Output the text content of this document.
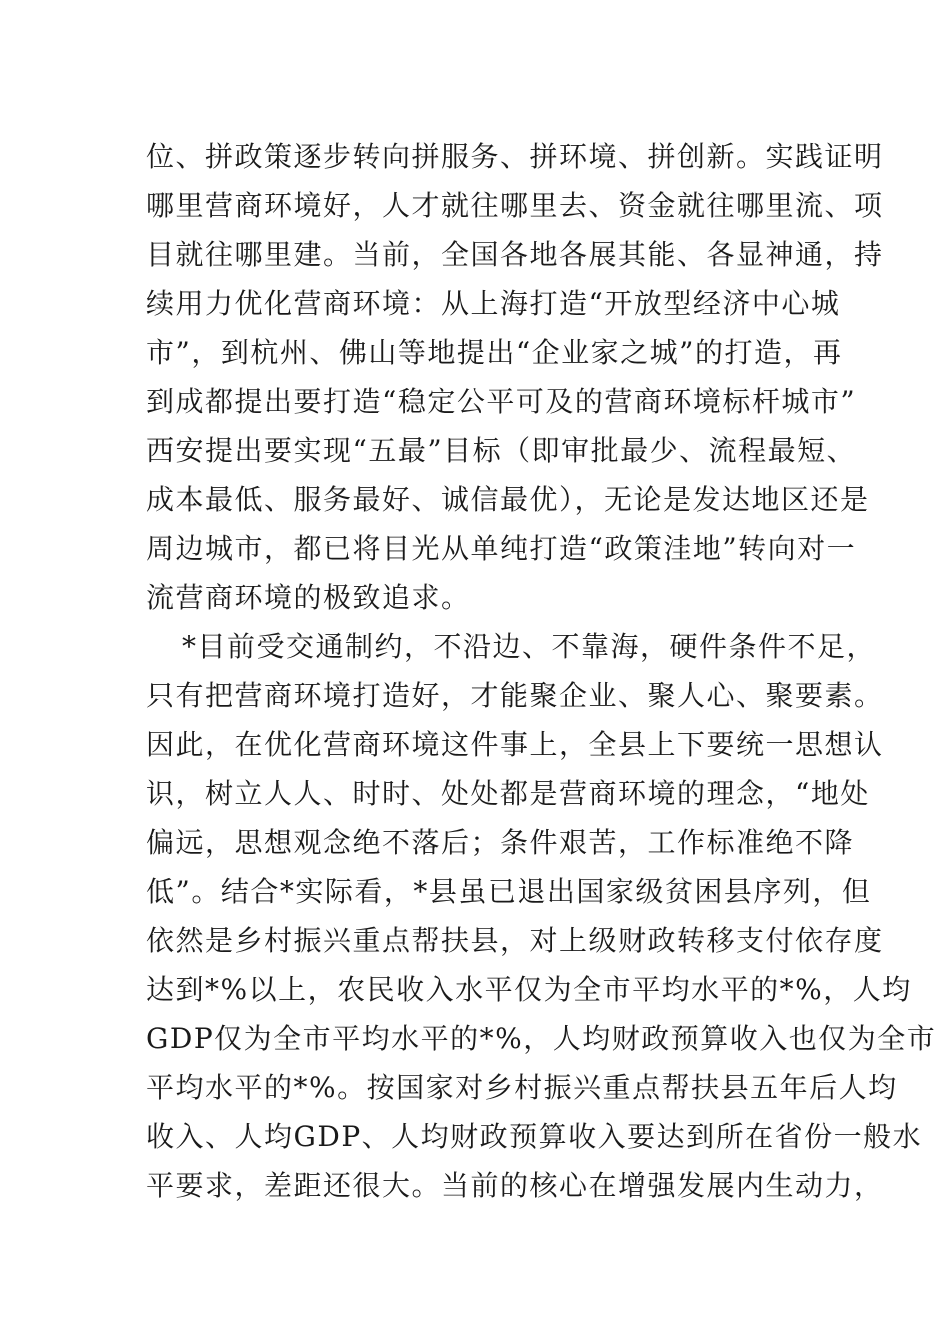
位、拼政策逐步转向拼服务、拼环境、拼创新。实践证明
哪里营商环境好，人才就往哪里去、资金就往哪里流、项
目就往哪里建。当前，全国各地各展其能、各显神通，持
续用力优化营商环境：从上海打造“开放型经济中心城
市”，到杭州、佛山等地提出“企业家之城”的打造，再
到成都提出要打造“稳定公平可及的营商环境标杆城市”
西安提出要实现“五最”目标（即审批最少、流程最短、
成本最低、服务最好、诚信最优），无论是发达地区还是
周边城市，都已将目光从单纯打造“政策洼地”转向对一
流营商环境的极致追求。
*目前受交通制约，不沿边、不靠海，硬件条件不足，
只有把营商环境打造好，才能聚企业、聚人心、聚要素。
因此，在优化营商环境这件事上，全县上下要统一思想认
识，树立人人、时时、处处都是营商环境的理念，“地处
偏远，思想观念绝不落后；条件艰苦，工作标准绝不降
低”。结合*实际看，*县虽已退出国家级贫困县序列，但
依然是乡村振兴重点帮扶县，对上级财政转移支付依存度
达到*%以上，农民收入水平仅为全市平均水平的*%，人均
GDP仅为全市平均水平的*%，人均财政预算收入也仅为全市
平均水平的*%。按国家对乡村振兴重点帮扶县五年后人均
收入、人均GDP、人均财政预算收入要达到所在省份一般水
平要求，差距还很大。当前的核心在增强发展内生动力，
